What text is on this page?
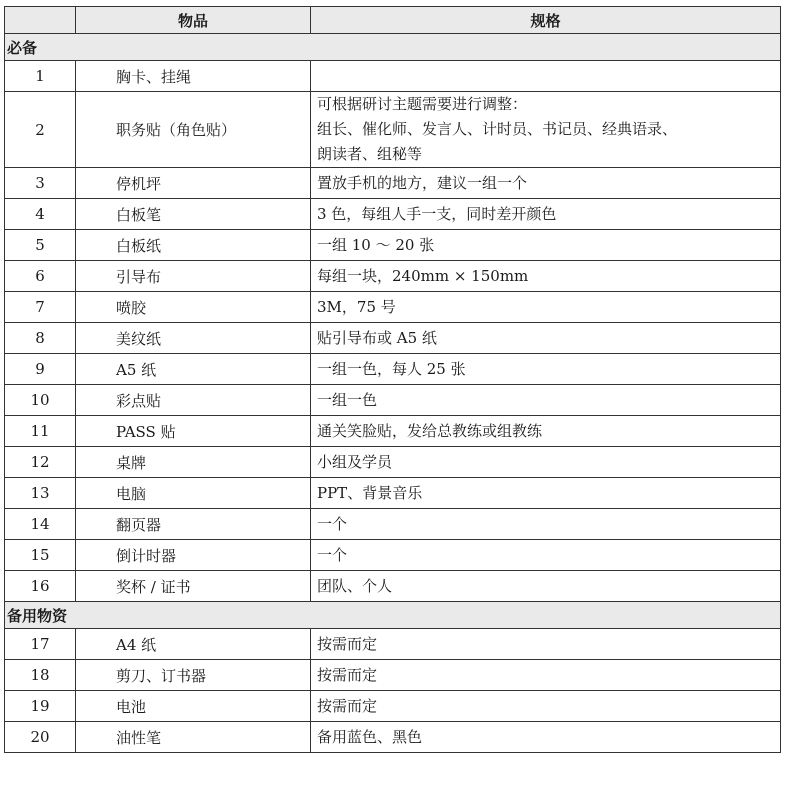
	物品	规格
必备		
1	胸卡、挂绳	

2	职务贴（角色贴）	可根据研讨主题需要进行调整：
组长、催化师、发言人、计时员、书记员、经典语录、
朗读者、组秘等

3	停机坪	置放手机的地方，建议一组一个

4	白板笔	3 色，每组人手一支，同时差开颜色

5	白板纸	一组 10 ～ 20 张

6	引导布	每组一块，240mm × 150mm

7	喷胶	3M，75 号

8	美纹纸	贴引导布或 A5 纸

9	A5 纸	一组一色，每人 25 张

10	彩点贴	一组一色

11	PASS 贴	通关笑脸贴，发给总教练或组教练

12	桌牌	小组及学员

13	电脑	PPT、背景音乐

14	翻页器	一个

15	倒计时器	一个

16	奖杯 / 证书	团队、个人

备用物资		
17	A4 纸	按需而定

18	剪刀、订书器	按需而定

19	电池	按需而定

20	油性笔	备用蓝色、黑色
